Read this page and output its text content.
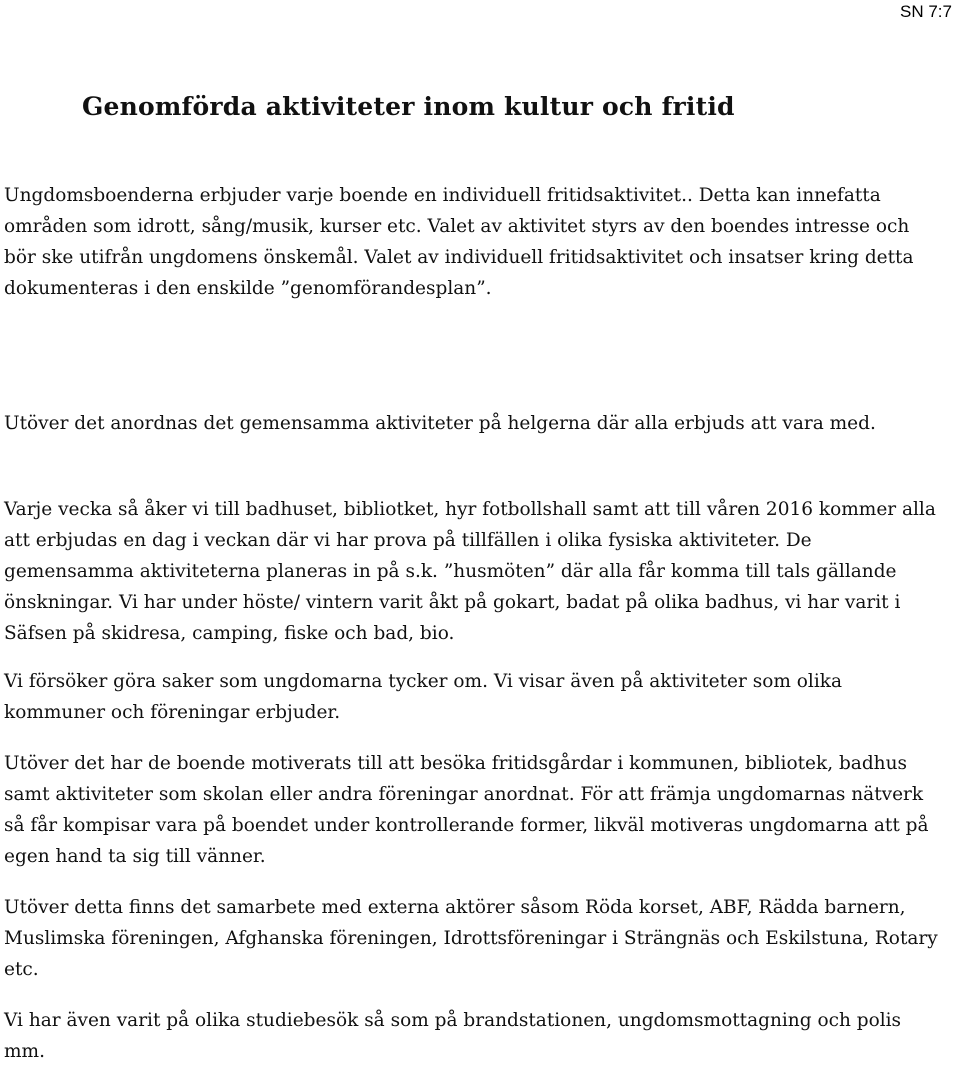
SN 7:7
Genomförda aktiviteter inom kultur och fritid

Ungdomsboenderna erbjuder varje boende en individuell fritidsaktivitet.. Detta kan innefatta områden som idrott, sång/musik, kurser etc. Valet av aktivitet styrs av den boendes intresse och bör ske utifrån ungdomens önskemål. Valet av individuell fritidsaktivitet och insatser kring detta dokumenteras i den enskilde ”genomförandesplan”.

Utöver det anordnas det gemensamma aktiviteter på helgerna där alla erbjuds att vara med.

Varje vecka så åker vi till badhuset, bibliotket, hyr fotbollshall samt att till våren 2016 kommer alla att erbjudas en dag i veckan där vi har prova på tillfällen i olika fysiska aktiviteter. De gemensamma aktiviteterna planeras in på s.k. ”husmöten” där alla får komma till tals gällande önskningar. Vi har under höste/ vintern varit åkt på gokart, badat på olika badhus, vi har varit i Säfsen på skidresa, camping, fiske och bad, bio.

Vi försöker göra saker som ungdomarna tycker om. Vi visar även på aktiviteter som olika kommuner och föreningar erbjuder.

Utöver det har de boende motiverats till att besöka fritidsgårdar i kommunen, bibliotek, badhus samt aktiviteter som skolan eller andra föreningar anordnat. För att främja ungdomarnas nätverk så får kompisar vara på boendet under kontrollerande former, likväl motiveras ungdomarna att på egen hand ta sig till vänner.

Utöver detta finns det samarbete med externa aktörer såsom Röda korset, ABF, Rädda barnern, Muslimska föreningen, Afghanska föreningen, Idrottsföreningar i Strängnäs och Eskilstuna, Rotary etc.

Vi har även varit på olika studiebesök så som på brandstationen, ungdomsmottagning och polis mm.
